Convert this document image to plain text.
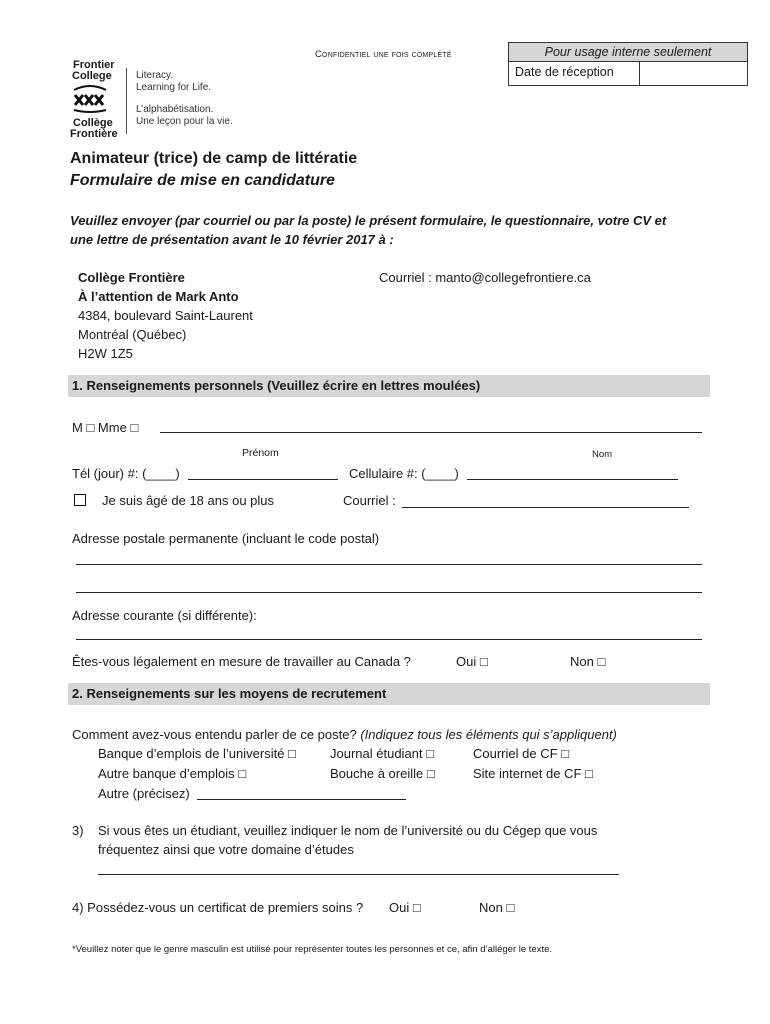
Confidentiel une fois complété	Pour usage interne seulement
Date de réception
Frontier
College
Collège
Frontière
Literacy.
Learning for Life.
L’alphabétisation.
Une leçon pour la vie.
Animateur (trice) de camp de littératie
Formulaire de mise en candidature
Veuillez envoyer (par courriel ou par la poste) le présent formulaire, le questionnaire, votre CV et
une lettre de présentation avant le 10 février 2017 à :
Collège Frontière
À l’attention de Mark Anto
4384, boulevard Saint-Laurent
Montréal (Québec)
H2W 1Z5
Courriel : manto@collegefrontiere.ca
1. Renseignements personnels (Veuillez écrire en lettres moulées)
M □ Mme □
Prénom	Nom
Tél (jour) #: (____)	Cellulaire #: (____)
Je suis âgé de 18 ans ou plus	Courriel :
Adresse postale permanente (incluant le code postal)
Adresse courante (si différente):
Êtes-vous légalement en mesure de travailler au Canada ?	Oui □	Non □
2. Renseignements sur les moyens de recrutement
Comment avez-vous entendu parler de ce poste? (Indiquez tous les éléments qui s’appliquent)
Banque d’emplois de l’université □	Journal étudiant □	Courriel de CF □
Autre banque d’emplois □	Bouche à oreille □	Site internet de CF □
Autre (précisez)
3) Si vous êtes un étudiant, veuillez indiquer le nom de l’université ou du Cégep que vous
fréquentez ainsi que votre domaine d’études
4) Possédez-vous un certificat de premiers soins ? Oui □	Non □
*Veuillez noter que le genre masculin est utilisé pour représenter toutes les personnes et ce, afin d’alléger le texte.
